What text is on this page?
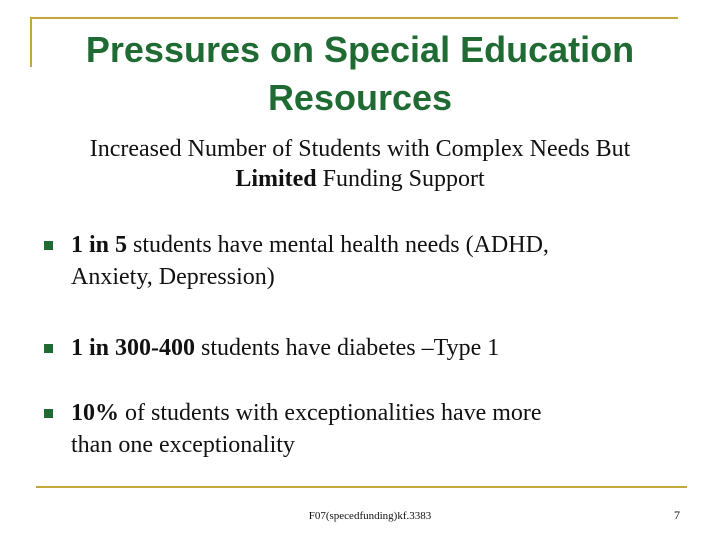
Pressures on Special Education
Resources

Increased Number of Students with Complex Needs But
Limited Funding Support

1 in 5 students have mental health needs (ADHD,
Anxiety, Depression)
1 in 300-400 students have diabetes –Type 1
10% of students with exceptionalities have more
than one exceptionality
F07(specedfunding)kf.3383	7
